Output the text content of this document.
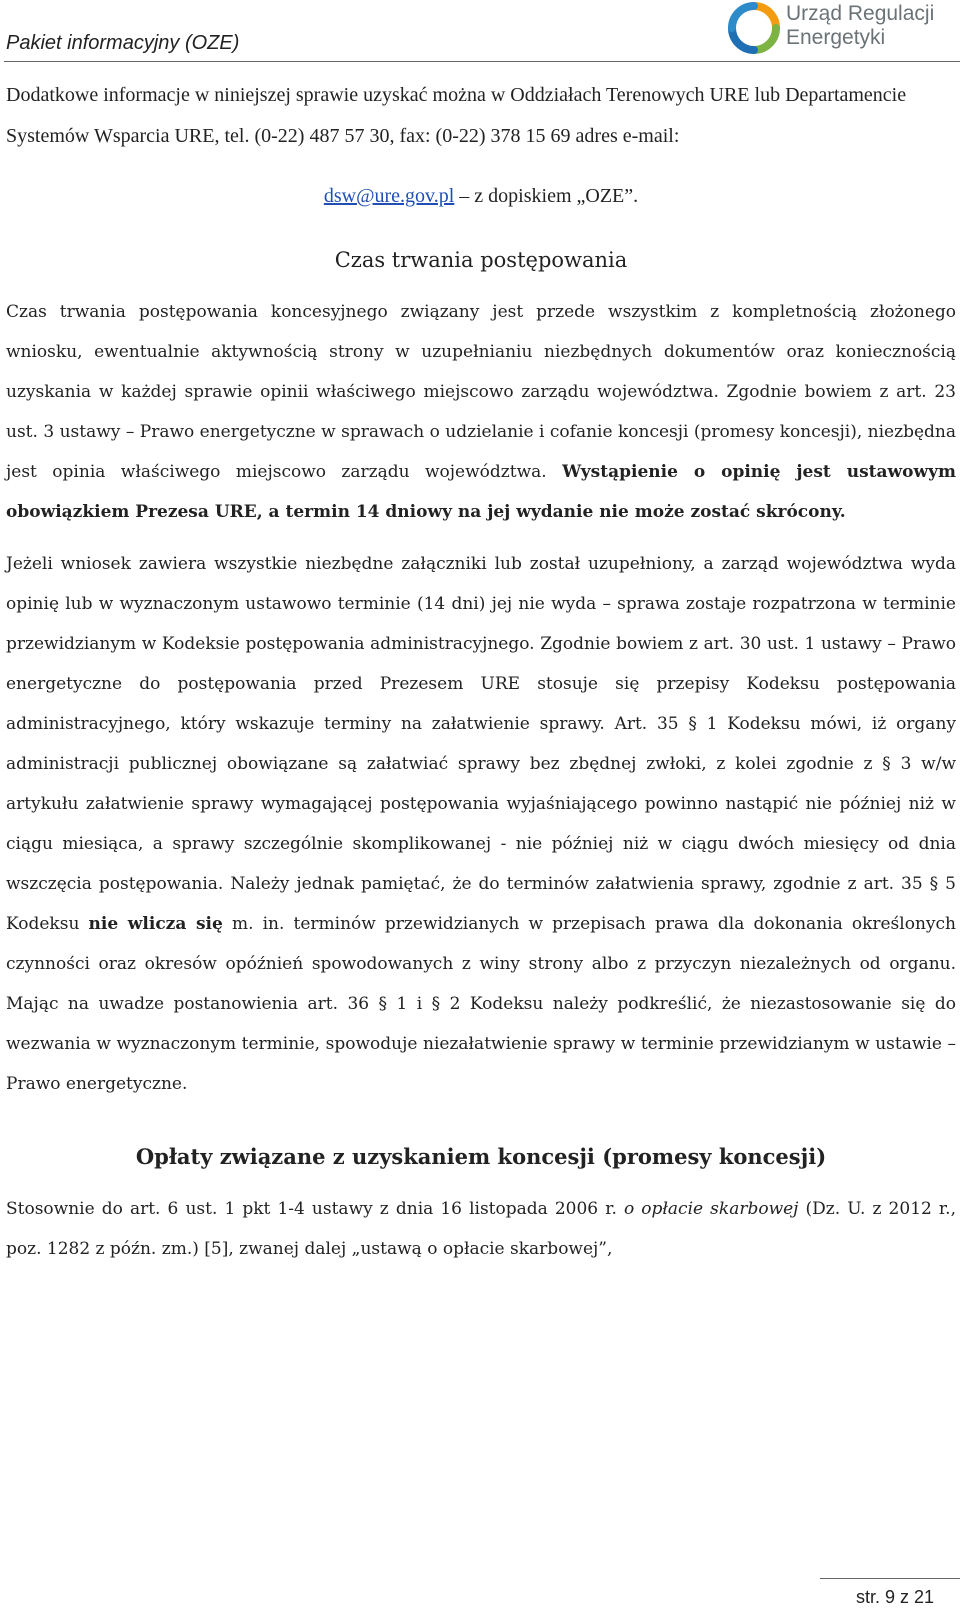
Pakiet informacyjny (OZE)
Urząd Regulacji
Energetyki
Dodatkowe informacje w niniejszej sprawie uzyskać można w Oddziałach Terenowych URE lub Departamencie Systemów Wsparcia URE, tel. (0-22) 487 57 30, fax: (0-22) 378 15 69 adres e-mail:
dsw@ure.gov.pl – z dopiskiem „OZE”.
Czas trwania postępowania

Czas trwania postępowania koncesyjnego związany jest przede wszystkim z kompletnością złożonego wniosku, ewentualnie aktywnością strony w uzupełnianiu niezbędnych dokumentów oraz koniecznością uzyskania w każdej sprawie opinii właściwego miejscowo zarządu województwa. Zgodnie bowiem z art. 23 ust. 3 ustawy – Prawo energetyczne w sprawach o udzielanie i cofanie koncesji (promesy koncesji), niezbędna jest opinia właściwego miejscowo zarządu województwa. Wystąpienie o opinię jest ustawowym obowiązkiem Prezesa URE, a termin 14 dniowy na jej wydanie nie może zostać skrócony.

Jeżeli wniosek zawiera wszystkie niezbędne załączniki lub został uzupełniony, a zarząd województwa wyda opinię lub w wyznaczonym ustawowo terminie (14 dni) jej nie wyda – sprawa zostaje rozpatrzona w terminie przewidzianym w Kodeksie postępowania administracyjnego. Zgodnie bowiem z art. 30 ust. 1 ustawy – Prawo energetyczne do postępowania przed Prezesem URE stosuje się przepisy Kodeksu postępowania administracyjnego, który wskazuje terminy na załatwienie sprawy. Art. 35 § 1 Kodeksu mówi, iż organy administracji publicznej obowiązane są załatwiać sprawy bez zbędnej zwłoki, z kolei zgodnie z § 3 w/w artykułu załatwienie sprawy wymagającej postępowania wyjaśniającego powinno nastąpić nie później niż w ciągu miesiąca, a sprawy szczególnie skomplikowanej - nie później niż w ciągu dwóch miesięcy od dnia wszczęcia postępowania. Należy jednak pamiętać, że do terminów załatwienia sprawy, zgodnie z art. 35 § 5 Kodeksu nie wlicza się m. in. terminów przewidzianych w przepisach prawa dla dokonania określonych czynności oraz okresów opóźnień spowodowanych z winy strony albo z przyczyn niezależnych od organu. Mając na uwadze postanowienia art. 36 § 1 i § 2 Kodeksu należy podkreślić, że niezastosowanie się do wezwania w wyznaczonym terminie, spowoduje niezałatwienie sprawy w terminie przewidzianym w ustawie – Prawo energetyczne.

Opłaty związane z uzyskaniem koncesji (promesy koncesji)

Stosownie do art. 6 ust. 1 pkt 1-4 ustawy z dnia 16 listopada 2006 r. o opłacie skarbowej (Dz. U. z 2012 r., poz. 1282 z późn. zm.) [5], zwanej dalej „ustawą o opłacie skarbowej”,

str. 9 z 21
